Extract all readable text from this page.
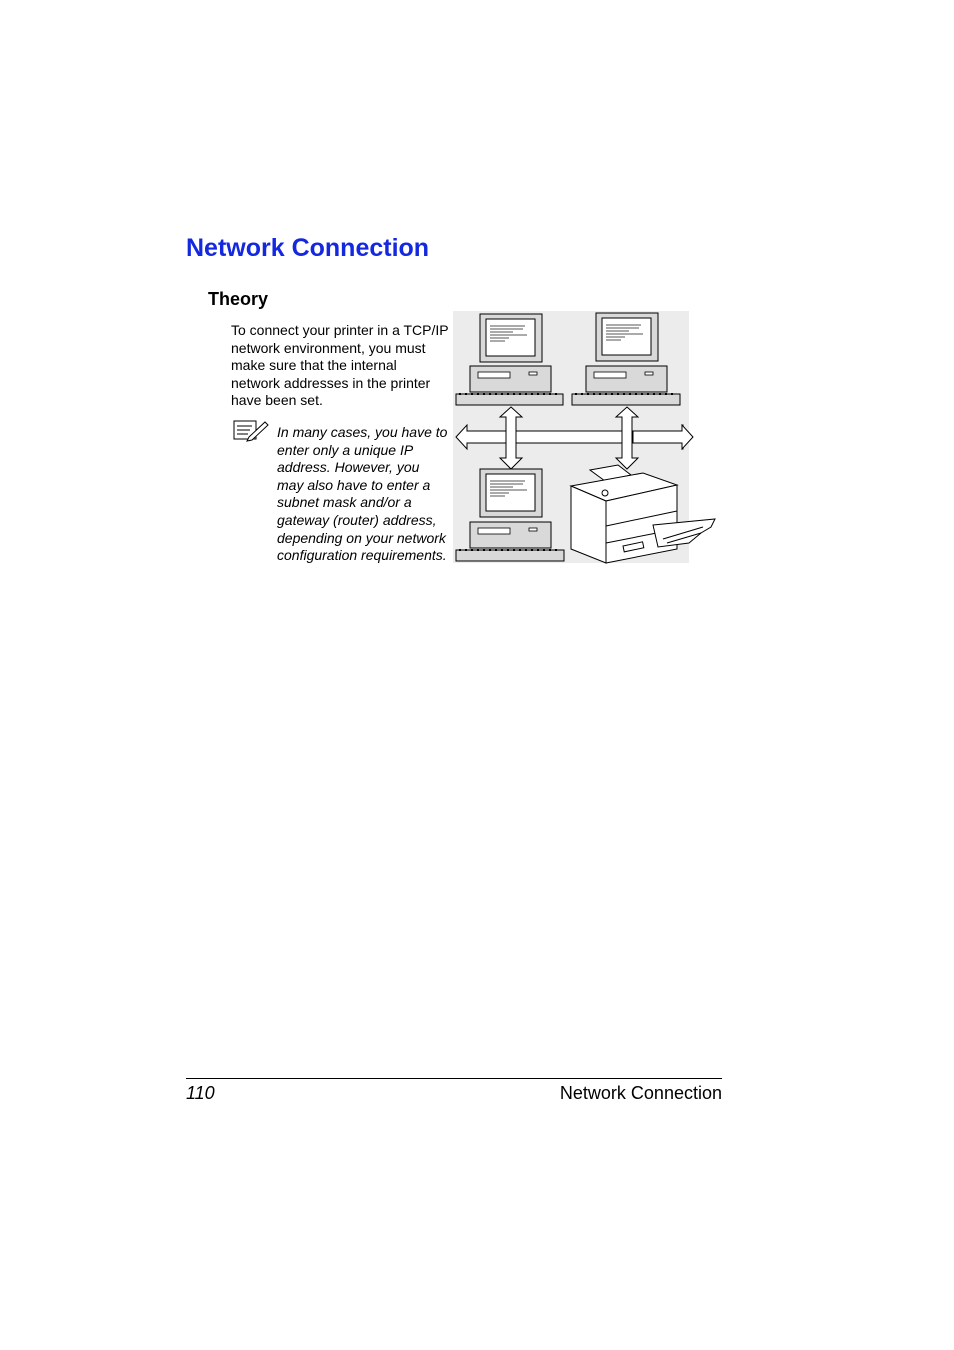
Network Connection
Theory

To connect your printer in a TCP/IP network environment, you must make sure that the internal network addresses in the printer have been set.

In many cases, you have to enter only a unique IP address. However, you may also have to enter a subnet mask and/or a gateway (router) address, depending on your network configuration requirements.

110	Network Connection
